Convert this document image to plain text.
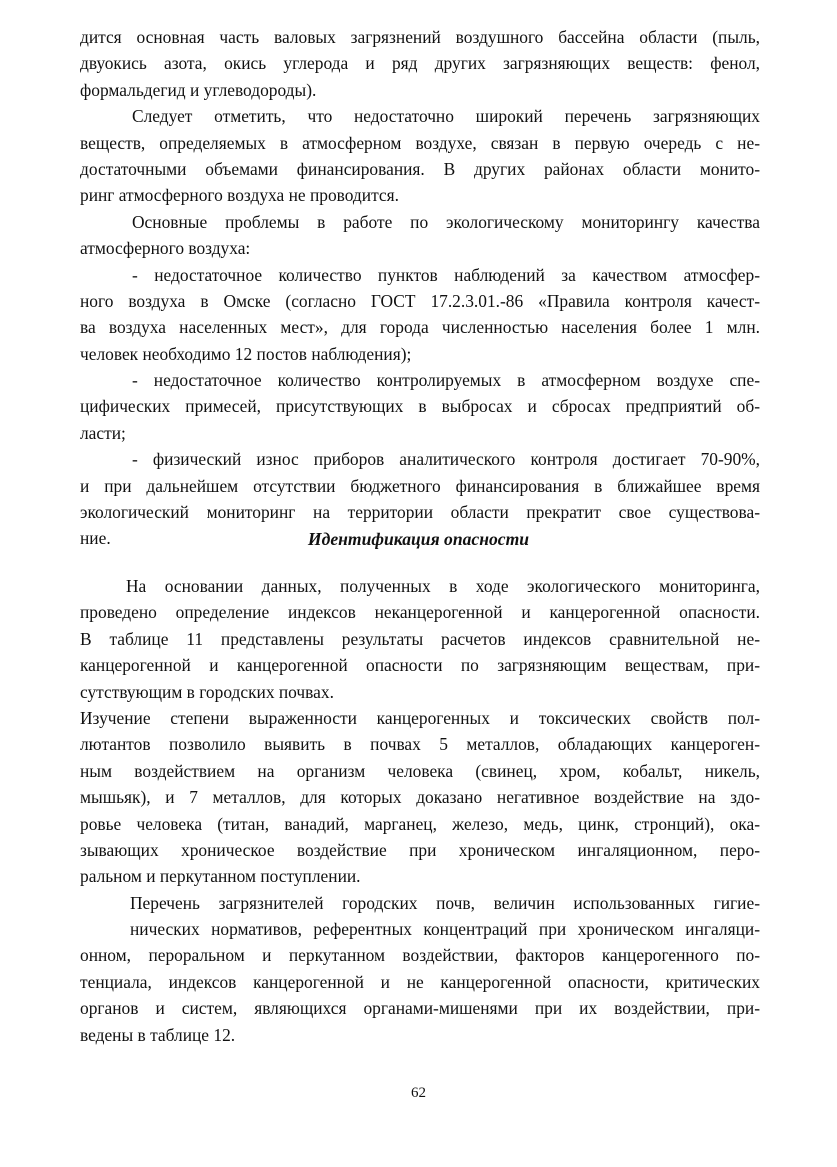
дится основная часть валовых загрязнений воздушного бассейна области (пыль,
двуокись азота, окись углерода и ряд других загрязняющих веществ: фенол,
формальдегид и углеводороды).
Следует отметить, что недостаточно широкий перечень загрязняющих
веществ, определяемых в атмосферном воздухе, связан в первую очередь с не-
достаточными объемами финансирования. В других районах области монито-
ринг атмосферного воздуха не проводится.
Основные проблемы в работе по экологическому мониторингу качества
атмосферного воздуха:
- недостаточное количество пунктов наблюдений за качеством атмосфер-
ного воздуха в Омске (согласно ГОСТ 17.2.3.01.-86 «Правила контроля качест-
ва воздуха населенных мест», для города численностью населения более 1 млн.
человек необходимо 12 постов наблюдения);
- недостаточное количество контролируемых в атмосферном воздухе спе-
цифических примесей, присутствующих в выбросах и сбросах предприятий об-
ласти;
- физический износ приборов аналитического контроля достигает 70-90%,
и при дальнейшем отсутствии бюджетного финансирования в ближайшее время
экологический мониторинг на территории области прекратит свое существова-
ние.	Идентификация опасности
На основании данных, полученных в ходе экологического мониторинга,
проведено определение индексов неканцерогенной и канцерогенной опасности.
В таблице 11 представлены результаты расчетов индексов сравнительной не-
канцерогенной и канцерогенной опасности по загрязняющим веществам, при-
сутствующим в городских почвах.
Изучение степени выраженности канцерогенных и токсических свойств пол-
лютантов позволило выявить в почвах 5 металлов, обладающих канцероген-
ным воздействием на организм человека (свинец, хром, кобальт, никель,
мышьяк), и 7 металлов, для которых доказано негативное воздействие на здо-
ровье человека (титан, ванадий, марганец, железо, медь, цинк, стронций), ока-
зывающих хроническое воздействие при хроническом ингаляционном, перо-
ральном и перкутанном поступлении.
Перечень загрязнителей городских почв, величин использованных гигие-
нических нормативов, референтных концентраций при хроническом ингаляци-
онном, пероральном и перкутанном воздействии, факторов канцерогенного по-
тенциала, индексов канцерогенной и не канцерогенной опасности, критических
органов и систем, являющихся органами-мишенями при их воздействии, при-
ведены в таблице 12.
62
